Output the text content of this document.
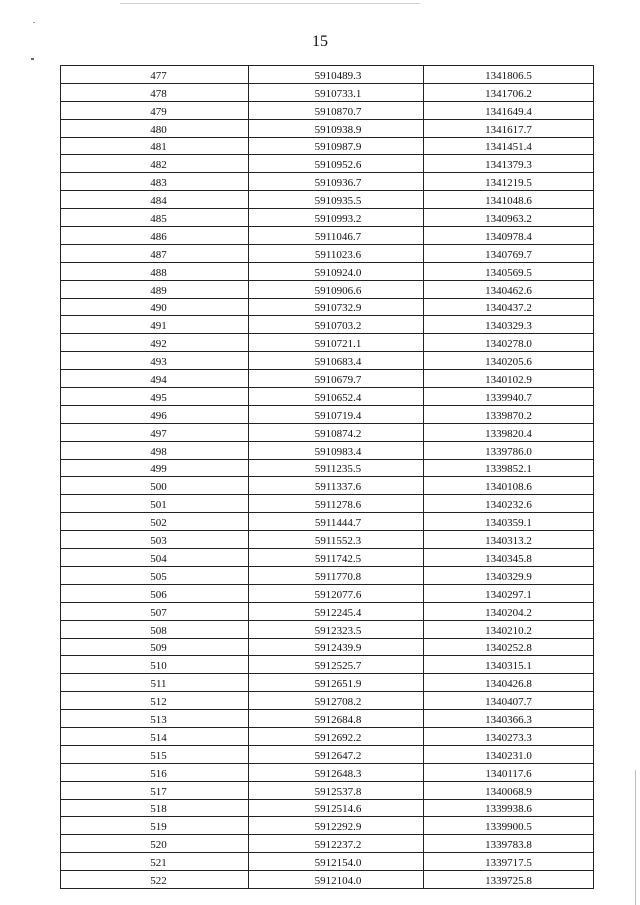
15
477	5910489.3	1341806.5
478	5910733.1	1341706.2
479	5910870.7	1341649.4
480	5910938.9	1341617.7
481	5910987.9	1341451.4
482	5910952.6	1341379.3
483	5910936.7	1341219.5
484	5910935.5	1341048.6
485	5910993.2	1340963.2
486	5911046.7	1340978.4
487	5911023.6	1340769.7
488	5910924.0	1340569.5
489	5910906.6	1340462.6
490	5910732.9	1340437.2
491	5910703.2	1340329.3
492	5910721.1	1340278.0
493	5910683.4	1340205.6
494	5910679.7	1340102.9
495	5910652.4	1339940.7
496	5910719.4	1339870.2
497	5910874.2	1339820.4
498	5910983.4	1339786.0
499	5911235.5	1339852.1
500	5911337.6	1340108.6
501	5911278.6	1340232.6
502	5911444.7	1340359.1
503	5911552.3	1340313.2
504	5911742.5	1340345.8
505	5911770.8	1340329.9
506	5912077.6	1340297.1
507	5912245.4	1340204.2
508	5912323.5	1340210.2
509	5912439.9	1340252.8
510	5912525.7	1340315.1
511	5912651.9	1340426.8
512	5912708.2	1340407.7
513	5912684.8	1340366.3
514	5912692.2	1340273.3
515	5912647.2	1340231.0
516	5912648.3	1340117.6
517	5912537.8	1340068.9
518	5912514.6	1339938.6
519	5912292.9	1339900.5
520	5912237.2	1339783.8
521	5912154.0	1339717.5
522	5912104.0	1339725.8
